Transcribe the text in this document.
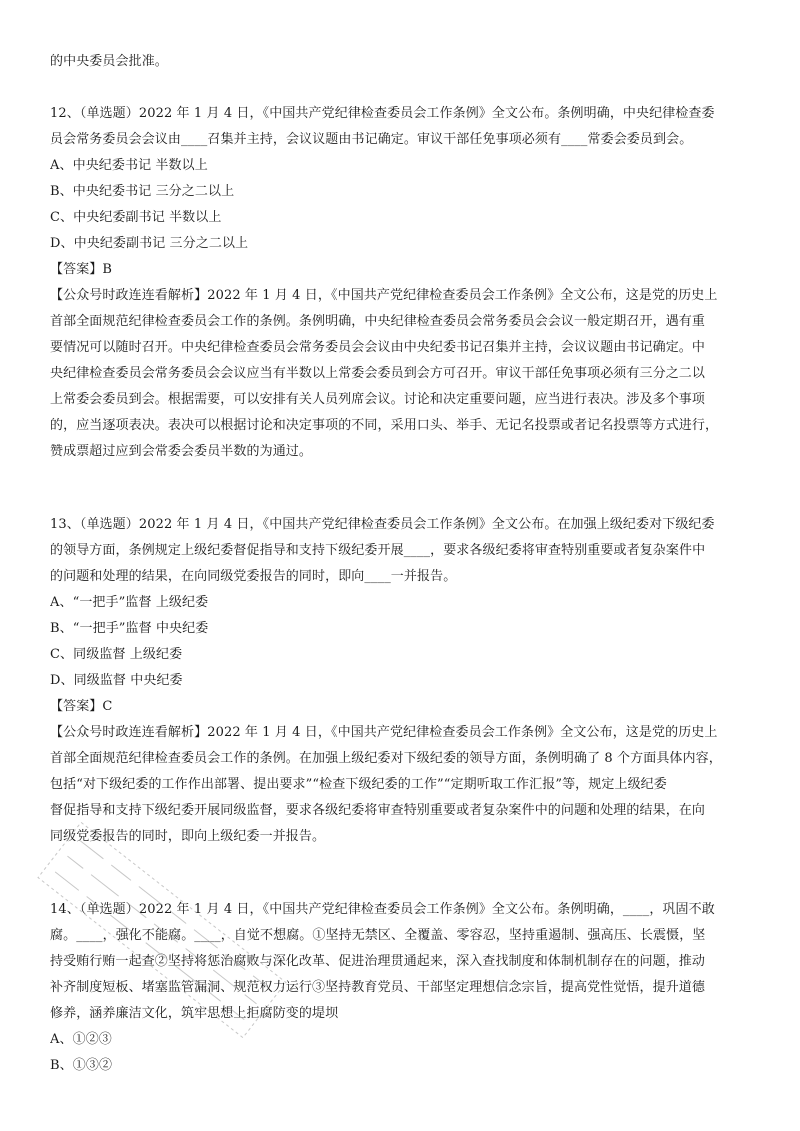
的中央委员会批准。
12、（单选题）2022 年 1 月 4 日，《中国共产党纪律检查委员会工作条例》全文公布。条例明确，中央纪律检查委
员会常务委员会会议由____召集并主持，会议议题由书记确定。审议干部任免事项必须有____常委会委员到会。
A、中央纪委书记 半数以上
B、中央纪委书记 三分之二以上
C、中央纪委副书记 半数以上
D、中央纪委副书记 三分之二以上
【答案】B
【公众号时政连连看解析】2022 年 1 月 4 日，《中国共产党纪律检查委员会工作条例》全文公布，这是党的历史上
首部全面规范纪律检查委员会工作的条例。条例明确，中央纪律检查委员会常务委员会会议一般定期召开，遇有重
要情况可以随时召开。中央纪律检查委员会常务委员会会议由中央纪委书记召集并主持，会议议题由书记确定。中
央纪律检查委员会常务委员会会议应当有半数以上常委会委员到会方可召开。审议干部任免事项必须有三分之二以
上常委会委员到会。根据需要，可以安排有关人员列席会议。讨论和决定重要问题，应当进行表决。涉及多个事项
的，应当逐项表决。表决可以根据讨论和决定事项的不同，采用口头、举手、无记名投票或者记名投票等方式进行，
赞成票超过应到会常委会委员半数的为通过。
13、（单选题）2022 年 1 月 4 日，《中国共产党纪律检查委员会工作条例》全文公布。在加强上级纪委对下级纪委
的领导方面，条例规定上级纪委督促指导和支持下级纪委开展____，要求各级纪委将审查特别重要或者复杂案件中
的问题和处理的结果，在向同级党委报告的同时，即向____一并报告。
A、“一把手”监督 上级纪委
B、“一把手”监督 中央纪委
C、同级监督 上级纪委
D、同级监督 中央纪委
【答案】C
【公众号时政连连看解析】2022 年 1 月 4 日，《中国共产党纪律检查委员会工作条例》全文公布，这是党的历史上
首部全面规范纪律检查委员会工作的条例。在加强上级纪委对下级纪委的领导方面，条例明确了 8 个方面具体内容，
包括“对下级纪委的工作作出部署、提出要求”“检查下级纪委的工作”“定期听取工作汇报”等，规定上级纪委
督促指导和支持下级纪委开展同级监督，要求各级纪委将审查特别重要或者复杂案件中的问题和处理的结果，在向
同级党委报告的同时，即向上级纪委一并报告。
14、（单选题）2022 年 1 月 4 日，《中国共产党纪律检查委员会工作条例》全文公布。条例明确，____，巩固不敢
腐。____，强化不能腐。____，自觉不想腐。①坚持无禁区、全覆盖、零容忍，坚持重遏制、强高压、长震慑，坚
持受贿行贿一起查②坚持将惩治腐败与深化改革、促进治理贯通起来，深入查找制度和体制机制存在的问题，推动
补齐制度短板、堵塞监管漏洞、规范权力运行③坚持教育党员、干部坚定理想信念宗旨，提高党性觉悟，提升道德
修养，涵养廉洁文化，筑牢思想上拒腐防变的堤坝
A、①②③
B、①③②
